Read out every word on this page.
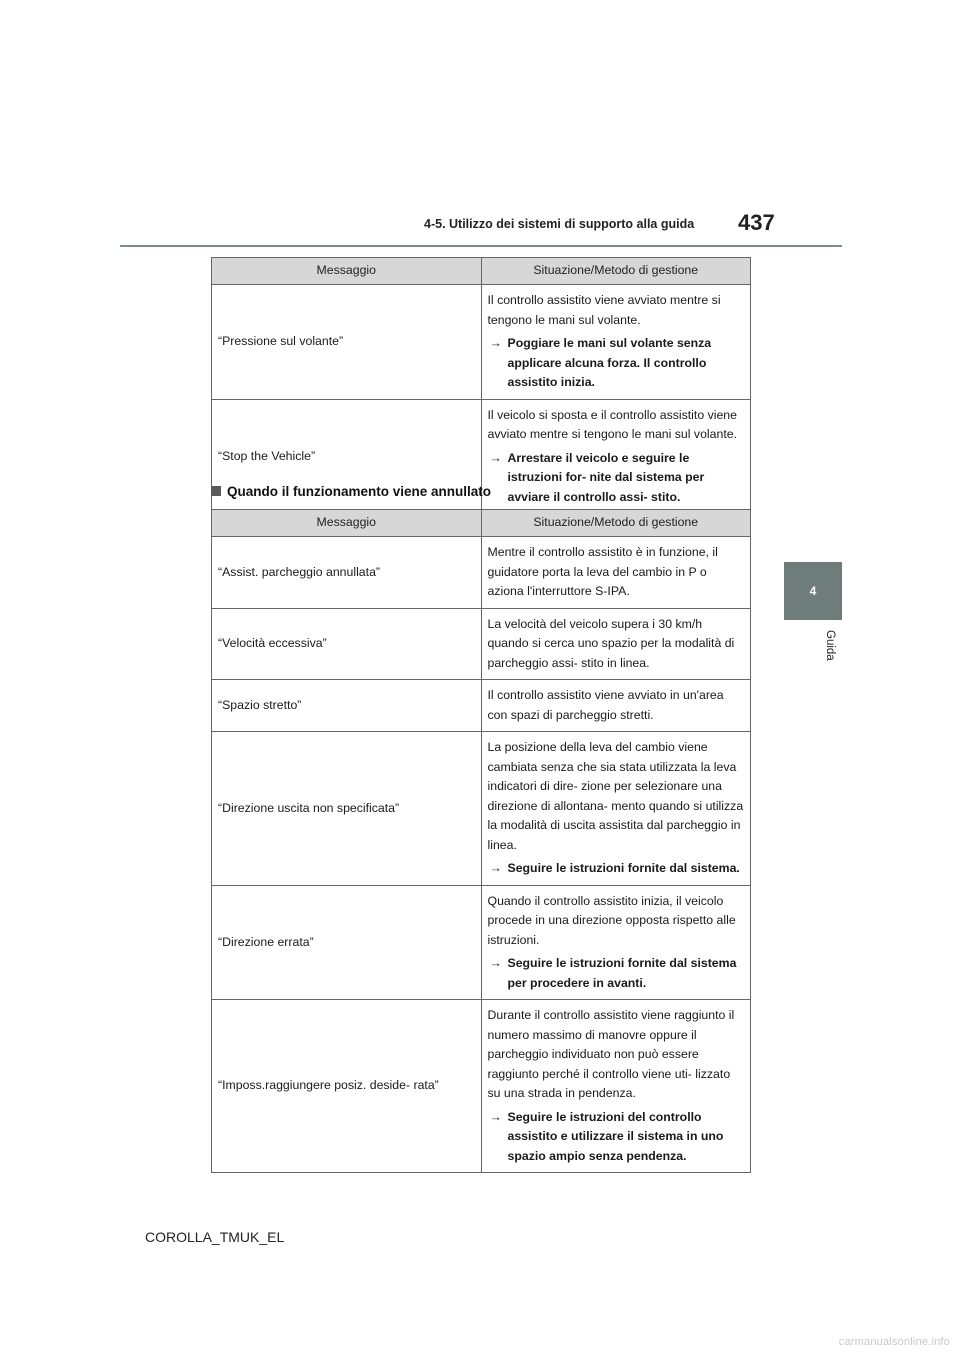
4-5. Utilizzo dei sistemi di supporto alla guida 437
4
Guida
Messaggio	Situazione/Metodo di gestione
“Pressione sul volante”	Il controllo assistito viene avviato mentre si tengono le mani sul volante.

→ Poggiare le mani sul volante senza applicare alcuna forza. Il controllo assistito inizia.

“Stop the Vehicle”	Il veicolo si sposta e il controllo assistito viene avviato mentre si tengono le mani sul volante.

→ Arrestare il veicolo e seguire le istruzioni for- nite dal sistema per avviare il controllo assi- stito.
Quando il funzionamento viene annullato
Messaggio	Situazione/Metodo di gestione
“Assist. parcheggio annullata”	Mentre il controllo assistito è in funzione, il guidatore porta la leva del cambio in P o aziona l'interruttore S-IPA.

“Velocità eccessiva”	La velocità del veicolo supera i 30 km/h quando si cerca uno spazio per la modalità di parcheggio assi- stito in linea.

“Spazio stretto”	Il controllo assistito viene avviato in un'area con spazi di parcheggio stretti.

“Direzione uscita non specificata”	La posizione della leva del cambio viene cambiata senza che sia stata utilizzata la leva indicatori di dire- zione per selezionare una direzione di allontana- mento quando si utilizza la modalità di uscita assistita dal parcheggio in linea.

→ Seguire le istruzioni fornite dal sistema.

“Direzione errata”	Quando il controllo assistito inizia, il veicolo procede in una direzione opposta rispetto alle istruzioni.

→ Seguire le istruzioni fornite dal sistema per procedere in avanti.

“Imposs.raggiungere posiz. deside- rata”	Durante il controllo assistito viene raggiunto il numero massimo di manovre oppure il parcheggio individuato non può essere raggiunto perché il controllo viene uti- lizzato su una strada in pendenza.

→ Seguire le istruzioni del controllo assistito e utilizzare il sistema in uno spazio ampio senza pendenza.
COROLLA_TMUK_EL
carmanualsonline.info
